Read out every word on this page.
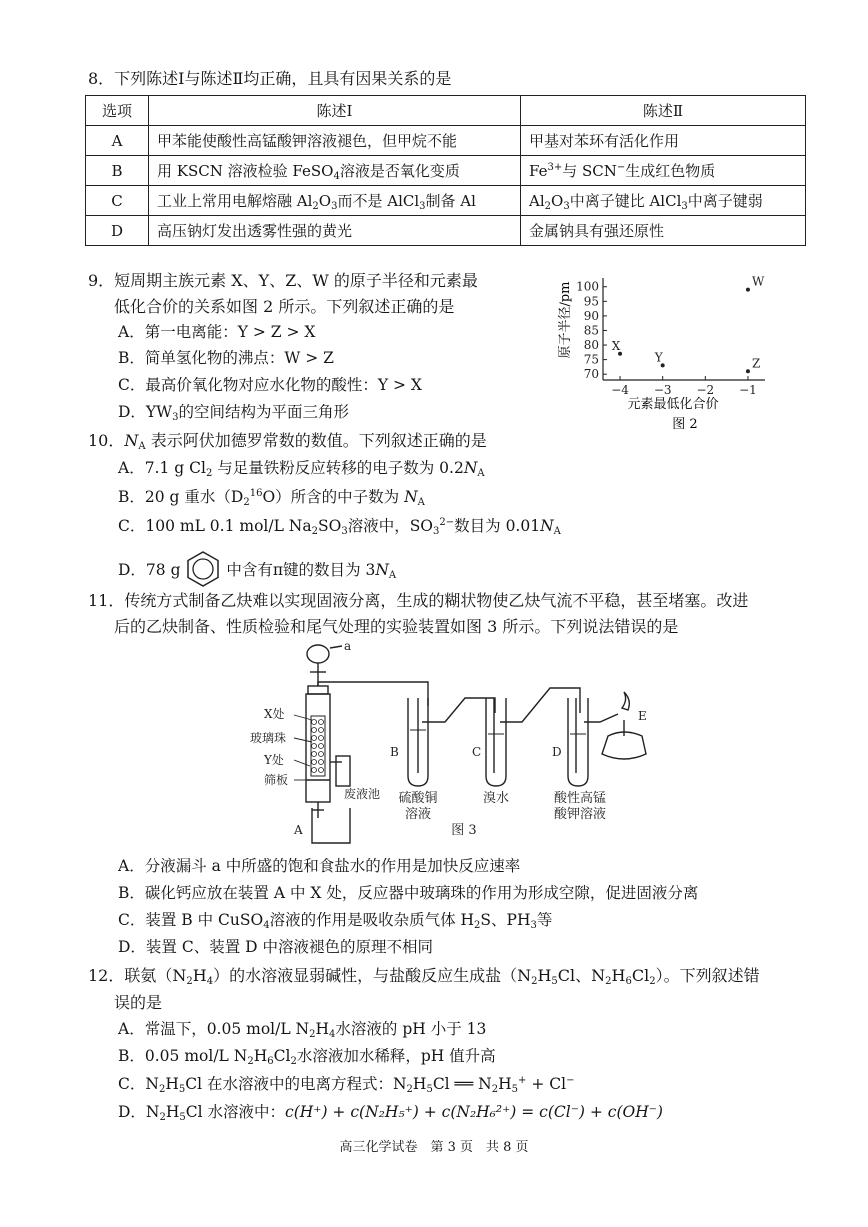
8．下列陈述Ⅰ与陈述Ⅱ均正确，且具有因果关系的是
选项	陈述Ⅰ	陈述Ⅱ
A	甲苯能使酸性高锰酸钾溶液褪色，但甲烷不能	甲基对苯环有活化作用
B	用 KSCN 溶液检验 FeSO$_4$溶液是否氧化变质	$Fe^{3+}$与 SCN−生成红色物质
C	工业上常用电解熔融 $Al_2O_3$而不是 AlCl$_3$制备 Al	$Al_2O_3$中离子键比 AlCl$_3$中离子键弱
D	高压钠灯发出透雾性强的黄光	金属钠具有强还原性
9．短周期主族元素 X、Y、Z、W 的原子半径和元素最
低化合价的关系如图 2 所示。下列叙述正确的是
A．第一电离能：Y > Z > X
B．简单氢化物的沸点：W > Z
C．最高价氧化物对应水化物的酸性：Y > X
D．$YW_3$的空间结构为平面三角形
70
75
80
85
90
95
100
−4 −3 −2 −1
X
Y	Z
W
原子半径/pm
元素最低化合价
图 2
10．$N_A$ 表示阿伏加德罗常数的数值。下列叙述正确的是
A．7.1 g $Cl_2$ 与足量铁粉反应转移的电子数为 $0.2N_A$
B．20 g 重水$(D_2^{16}O)$所含的中子数为 $N_A$
C．100 mL 0.1 mol/L $Na_2SO_3$溶液中，$SO_3^{2-}$数目为 $0.01N_A$
D．78 g	中含有π键的数目为 $3N_A$
11．传统方式制备乙炔难以实现固液分离，生成的糊状物使乙炔气流不平稳，甚至堵塞。改进
后的乙炔制备、性质检验和尾气处理的实验装置如图 3 所示。下列说法错误的是
a
E
X处
玻璃珠
Y处
筛板
废液池
A
B	C	D
硫酸铜
溶液
溴水	酸性高锰
酸钾溶液
图 3
A．分液漏斗 a 中所盛的饱和食盐水的作用是加快反应速率
B．碳化钙应放在装置 A 中 X 处，反应器中玻璃珠的作用为形成空隙，促进固液分离
C．装置 B 中 CuSO$_4$溶液的作用是吸收杂质气体 $H_2S$、$PH_3$等
D．装置 C、装置 D 中溶液褪色的原理不相同
12．联氨$(N_2H_4)$的水溶液显弱碱性，与盐酸反应生成盐（$N_2H_5Cl$、$N_2H_6Cl_2$）。下列叙述错
误的是
A．常温下，0.05 mol/L $N_2H_4$水溶液的 pH 小于 13
B．0.05 mol/L $N_2H_6Cl_2$水溶液加水稀释，pH 值升高
C．$N_2H_5Cl$ 在水溶液中的电离方程式：$N_2H_5Cl$ ══ $N_2H_5^+ + Cl^-$
D．$N_2H_5Cl$ 水溶液中：c(H⁺) + c(N₂H₅⁺) + c(N₂H₆²⁺) = c(Cl⁻) + c(OH⁻)
高三化学试卷　第 3 页　共 8 页
